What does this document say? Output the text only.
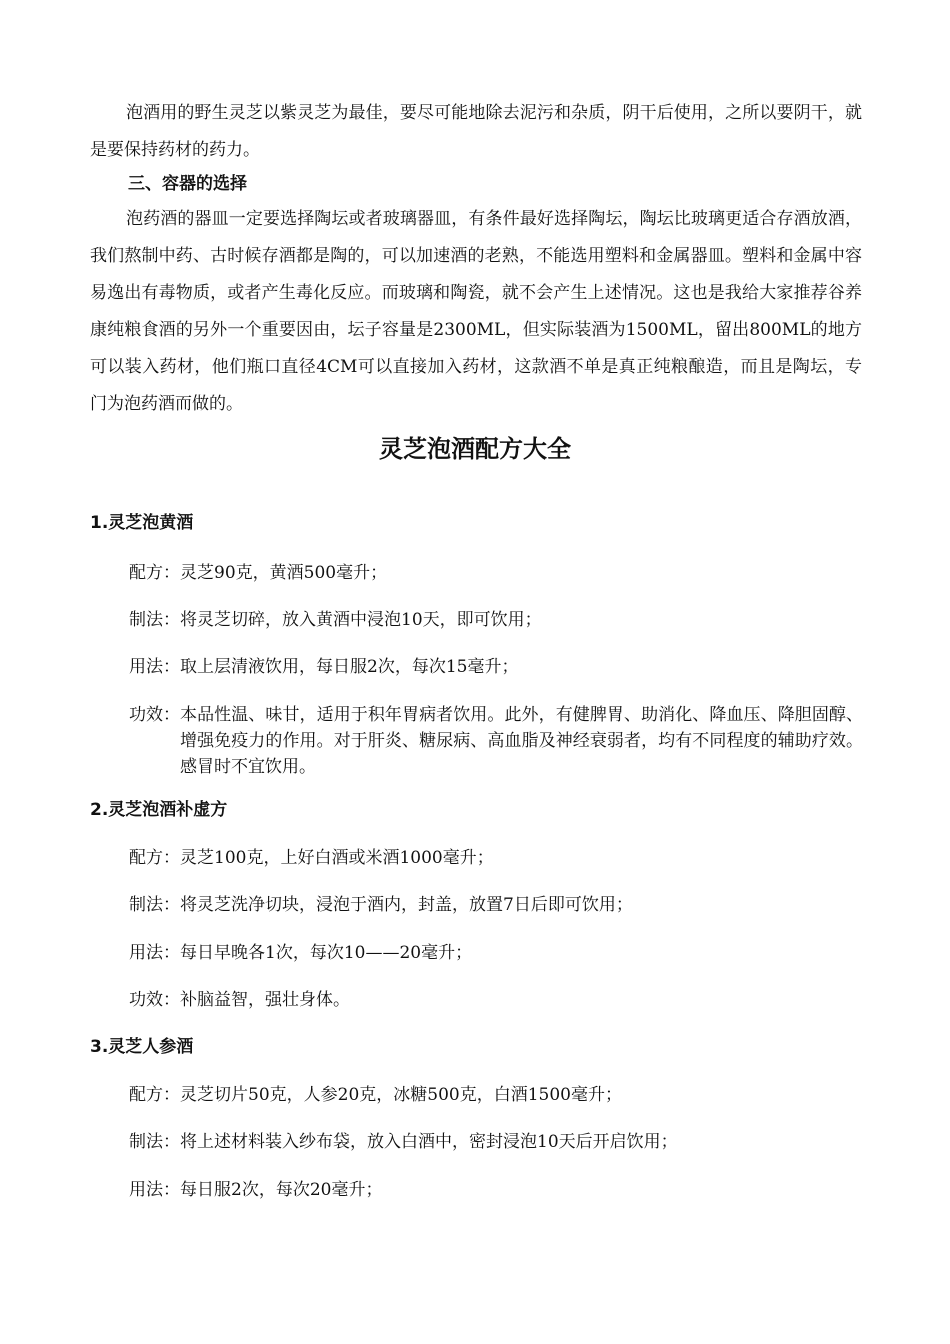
泡酒用的野生灵芝以紫灵芝为最佳，要尽可能地除去泥污和杂质，阴干后使用，之所以要阴干，就是要保持药材的药力。

三、容器的选择

泡药酒的器皿一定要选择陶坛或者玻璃器皿，有条件最好选择陶坛，陶坛比玻璃更适合存酒放酒，我们熬制中药、古时候存酒都是陶的，可以加速酒的老熟，不能选用塑料和金属器皿。塑料和金属中容易逸出有毒物质，或者产生毒化反应。而玻璃和陶瓷，就不会产生上述情况。这也是我给大家推荐谷养康纯粮食酒的另外一个重要因由，坛子容量是2300ML，但实际装酒为1500ML，留出800ML的地方可以装入药材，他们瓶口直径4CM可以直接加入药材，这款酒不单是真正纯粮酿造，而且是陶坛，专门为泡药酒而做的。

灵芝泡酒配方大全
1.灵芝泡黄酒
配方： 灵芝90克，黄酒500毫升；
制法： 将灵芝切碎，放入黄酒中浸泡10天，即可饮用；
用法： 取上层清液饮用，每日服2次，每次15毫升；
功效： 本品性温、味甘，适用于积年胃病者饮用。此外，有健脾胃、助消化、降血压、降胆固醇、增强免疫力的作用。对于肝炎、糖尿病、高血脂及神经衰弱者，均有不同程度的辅助疗效。感冒时不宜饮用。
2.灵芝泡酒补虚方
配方： 灵芝100克，上好白酒或米酒1000毫升；
制法： 将灵芝洗净切块，浸泡于酒内，封盖，放置7日后即可饮用；
用法： 每日早晚各1次，每次10——20毫升；
功效： 补脑益智，强壮身体。
3.灵芝人参酒
配方： 灵芝切片50克，人参20克，冰糖500克，白酒1500毫升；
制法： 将上述材料装入纱布袋，放入白酒中，密封浸泡10天后开启饮用；
用法： 每日服2次，每次20毫升；
